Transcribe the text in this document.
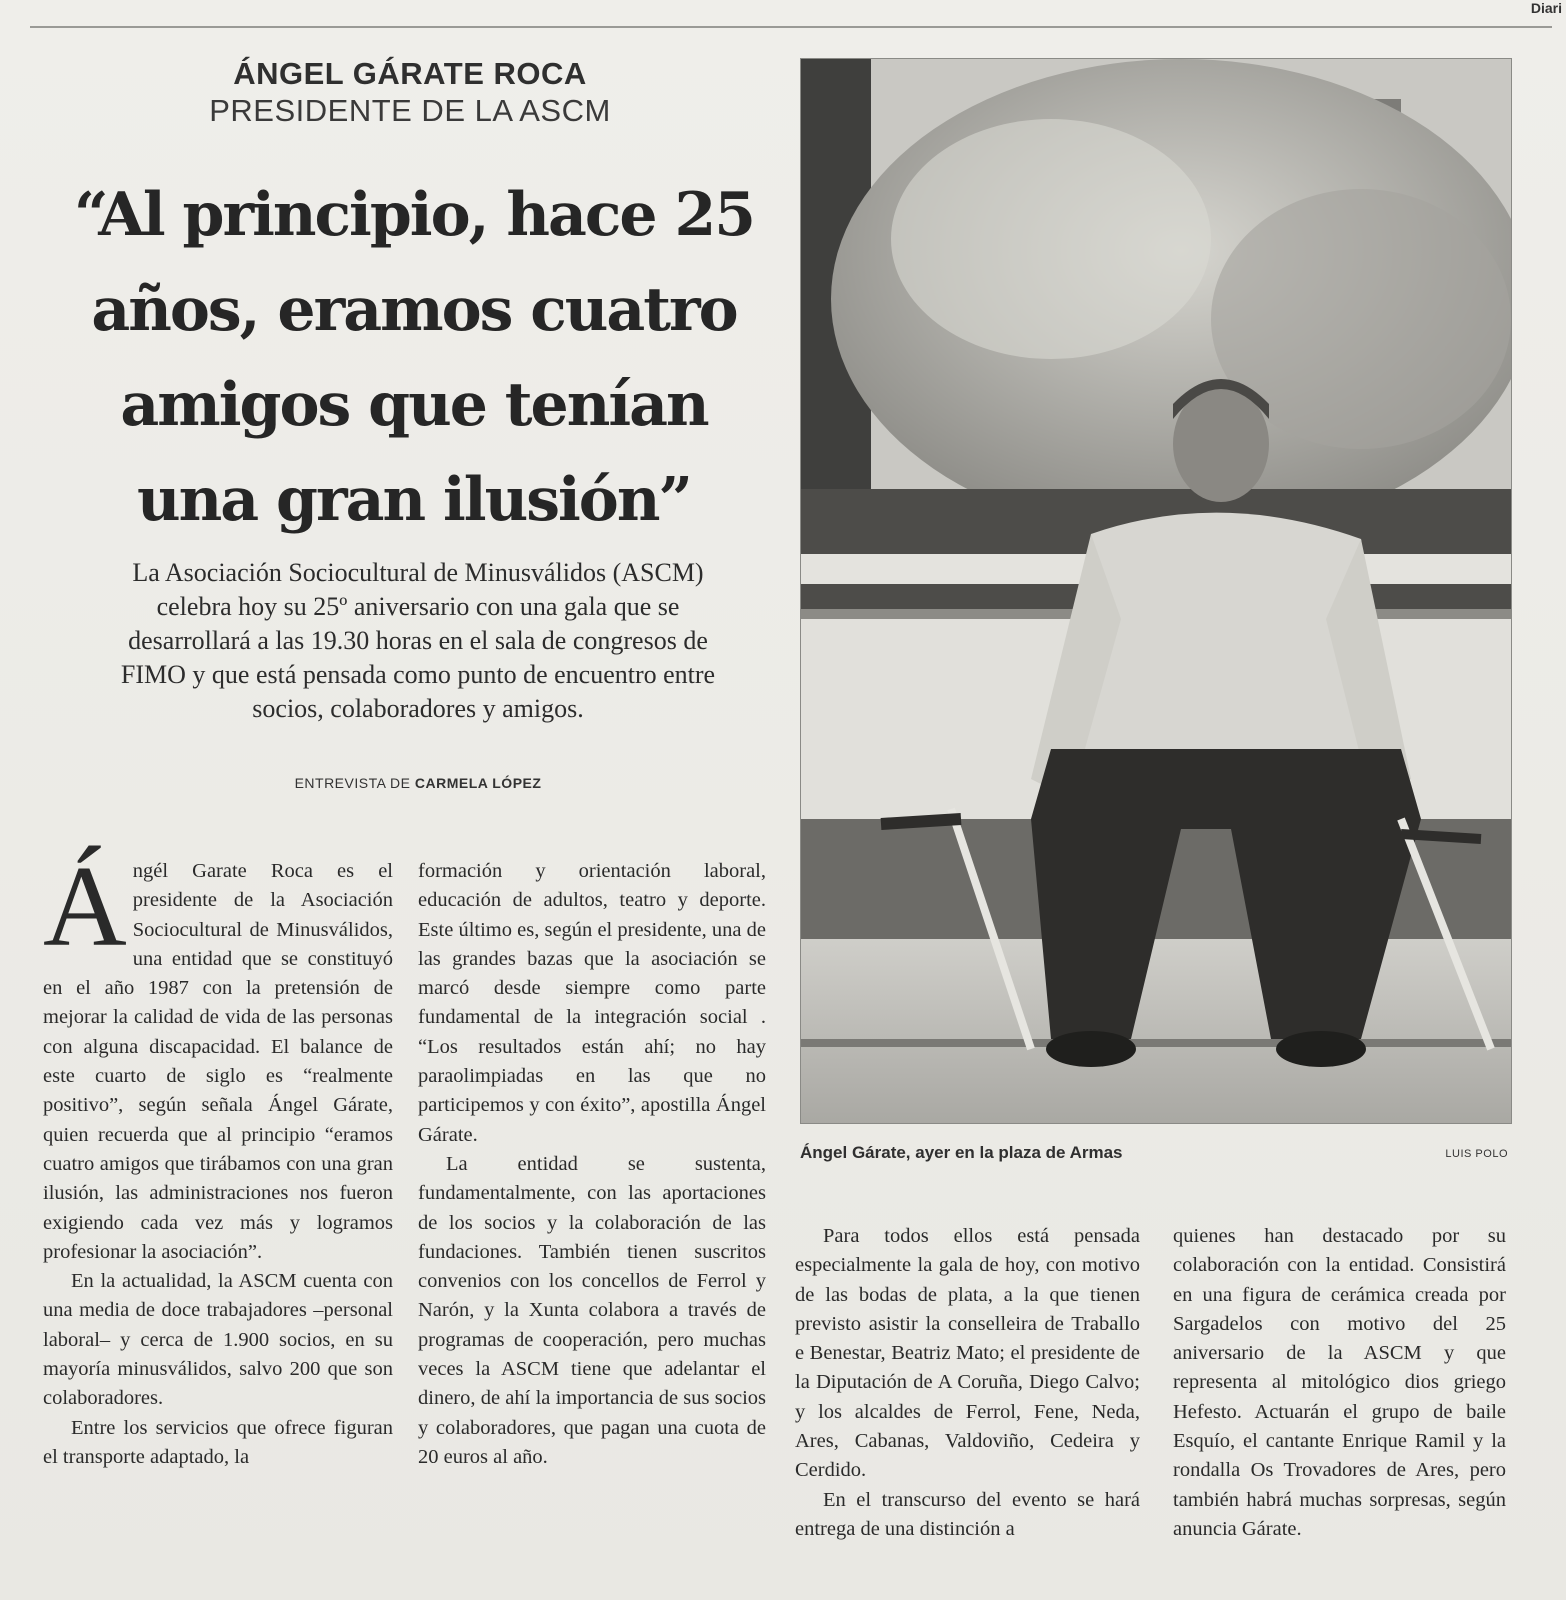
Diari
ÁNGEL GÁRATE ROCA
PRESIDENTE DE LA ASCM
“Al principio, hace 25
años, eramos cuatro
amigos que tenían
una gran ilusión”
La Asociación Sociocultural de Minusválidos (ASCM)
celebra hoy su 25º aniversario con una gala que se
desarrollará a las 19.30 horas en el sala de congresos de
FIMO y que está pensada como punto de encuentro entre
socios, colaboradores y amigos.
ENTREVISTA DE CARMELA LÓPEZ

Ángél Garate Roca es el presidente de la Asociación Sociocultural de Minusválidos, una entidad que se constituyó en el año 1987 con la pretensión de mejorar la calidad de vida de las personas con alguna discapacidad. El balance de este cuarto de siglo es “realmente positivo”, según señala Ángel Gárate, quien recuerda que al principio “eramos cuatro amigos que tirábamos con una gran ilusión, las administraciones nos fueron exigiendo cada vez más y logramos profesionar la asociación”.

En la actualidad, la ASCM cuenta con una media de doce trabajadores –personal laboral– y cerca de 1.900 socios, en su mayoría minusválidos, salvo 200 que son colaboradores.

Entre los servicios que ofrece figuran el transporte adaptado, la

formación y orientación laboral, educación de adultos, teatro y deporte. Este último es, según el presidente, una de las grandes bazas que la asociación se marcó desde siempre como parte fundamental de la integración social . “Los resultados están ahí; no hay paraolimpiadas en las que no participemos y con éxito”, apostilla Ángel Gárate.

La entidad se sustenta, fundamentalmente, con las aportaciones de los socios y la colaboración de las fundaciones. También tienen suscritos convenios con los concellos de Ferrol y Narón, y la Xunta colabora a través de programas de cooperación, pero muchas veces la ASCM tiene que adelantar el dinero, de ahí la importancia de sus socios y colaboradores, que pagan una cuota de 20 euros al año.

Ángel Gárate, ayer en la plaza de Armas	LUIS POLO

Para todos ellos está pensada especialmente la gala de hoy, con motivo de las bodas de plata, a la que tienen previsto asistir la conselleira de Traballo e Benestar, Beatriz Mato; el presidente de la Diputación de A Coruña, Diego Calvo; y los alcaldes de Ferrol, Fene, Neda, Ares, Cabanas, Valdoviño, Cedeira y Cerdido.

En el transcurso del evento se hará entrega de una distinción a

quienes han destacado por su colaboración con la entidad. Consistirá en una figura de cerámica creada por Sargadelos con motivo del 25 aniversario de la ASCM y que representa al mitológico dios griego Hefesto. Actuarán el grupo de baile Esquío, el cantante Enrique Ramil y la rondalla Os Trovadores de Ares, pero también habrá muchas sorpresas, según anuncia Gárate.
